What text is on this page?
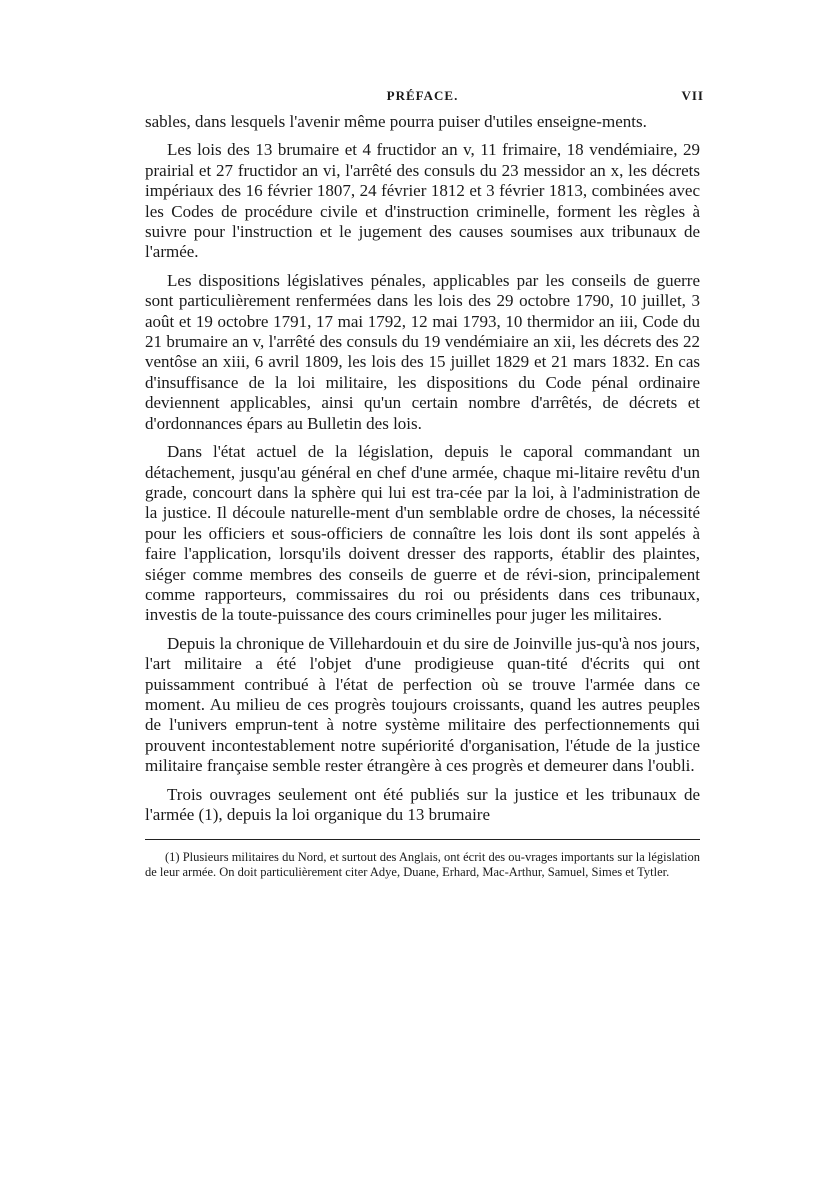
PRÉFACE.	VII

sables, dans lesquels l'avenir même pourra puiser d'utiles enseigne-ments.

Les lois des 13 brumaire et 4 fructidor an v, 11 frimaire, 18 vendémiaire, 29 prairial et 27 fructidor an vi, l'arrêté des consuls du 23 messidor an x, les décrets impériaux des 16 février 1807, 24 février 1812 et 3 février 1813, combinées avec les Codes de procédure civile et d'instruction criminelle, forment les règles à suivre pour l'instruction et le jugement des causes soumises aux tribunaux de l'armée.

Les dispositions législatives pénales, applicables par les conseils de guerre sont particulièrement renfermées dans les lois des 29 octobre 1790, 10 juillet, 3 août et 19 octobre 1791, 17 mai 1792, 12 mai 1793, 10 thermidor an iii, Code du 21 brumaire an v, l'arrêté des consuls du 19 vendémiaire an xii, les décrets des 22 ventôse an xiii, 6 avril 1809, les lois des 15 juillet 1829 et 21 mars 1832. En cas d'insuffisance de la loi militaire, les dispositions du Code pénal ordinaire deviennent applicables, ainsi qu'un certain nombre d'arrêtés, de décrets et d'ordonnances épars au Bulletin des lois.

Dans l'état actuel de la législation, depuis le caporal commandant un détachement, jusqu'au général en chef d'une armée, chaque mi-litaire revêtu d'un grade, concourt dans la sphère qui lui est tra-cée par la loi, à l'administration de la justice. Il découle naturelle-ment d'un semblable ordre de choses, la nécessité pour les officiers et sous-officiers de connaître les lois dont ils sont appelés à faire l'application, lorsqu'ils doivent dresser des rapports, établir des plaintes, siéger comme membres des conseils de guerre et de révi-sion, principalement comme rapporteurs, commissaires du roi ou présidents dans ces tribunaux, investis de la toute-puissance des cours criminelles pour juger les militaires.

Depuis la chronique de Villehardouin et du sire de Joinville jus-qu'à nos jours, l'art militaire a été l'objet d'une prodigieuse quan-tité d'écrits qui ont puissamment contribué à l'état de perfection où se trouve l'armée dans ce moment. Au milieu de ces progrès toujours croissants, quand les autres peuples de l'univers emprun-tent à notre système militaire des perfectionnements qui prouvent incontestablement notre supériorité d'organisation, l'étude de la justice militaire française semble rester étrangère à ces progrès et demeurer dans l'oubli.

Trois ouvrages seulement ont été publiés sur la justice et les tribunaux de l'armée (1), depuis la loi organique du 13 brumaire

(1) Plusieurs militaires du Nord, et surtout des Anglais, ont écrit des ou-vrages importants sur la législation de leur armée. On doit particulièrement citer Adye, Duane, Erhard, Mac-Arthur, Samuel, Simes et Tytler.
